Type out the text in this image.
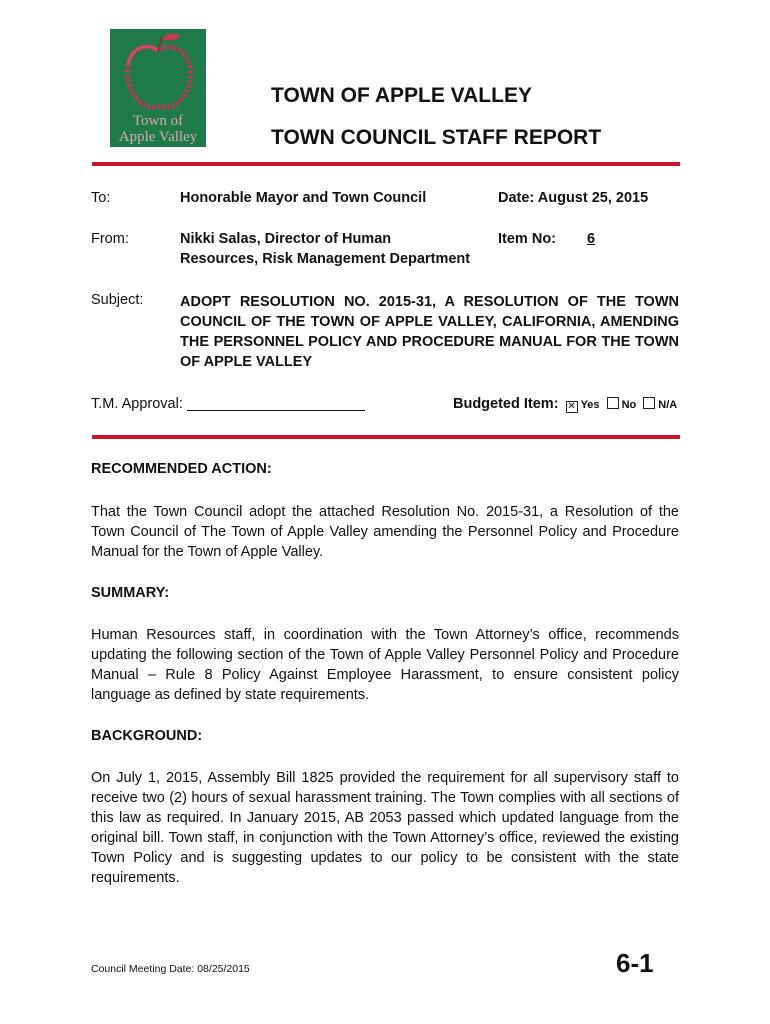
Town of
Apple Valley
TOWN OF APPLE VALLEY
TOWN COUNCIL STAFF REPORT
To:	Honorable Mayor and Town Council	Date: August 25, 2015
From:	Nikki Salas, Director of Human
Resources, Risk Management Department
Item No: 6
Subject:	ADOPT RESOLUTION NO. 2015-31, A RESOLUTION OF THE TOWN COUNCIL OF THE TOWN OF APPLE VALLEY, CALIFORNIA, AMENDING THE PERSONNEL POLICY AND PROCEDURE MANUAL FOR THE TOWN OF APPLE VALLEY
T.M. Approval:	Budgeted Item: ✕ Yes No N/A
RECOMMENDED ACTION:
That the Town Council adopt the attached Resolution No. 2015-31, a Resolution of the Town Council of The Town of Apple Valley amending the Personnel Policy and Procedure Manual for the Town of Apple Valley.
SUMMARY:
Human Resources staff, in coordination with the Town Attorney’s office, recommends updating the following section of the Town of Apple Valley Personnel Policy and Procedure Manual – Rule 8 Policy Against Employee Harassment, to ensure consistent policy language as defined by state requirements.
BACKGROUND:
On July 1, 2015, Assembly Bill 1825 provided the requirement for all supervisory staff to receive two (2) hours of sexual harassment training. The Town complies with all sections of this law as required. In January 2015, AB 2053 passed which updated language from the original bill. Town staff, in conjunction with the Town Attorney’s office, reviewed the existing Town Policy and is suggesting updates to our policy to be consistent with the state requirements.
Council Meeting Date: 08/25/2015	6-1
